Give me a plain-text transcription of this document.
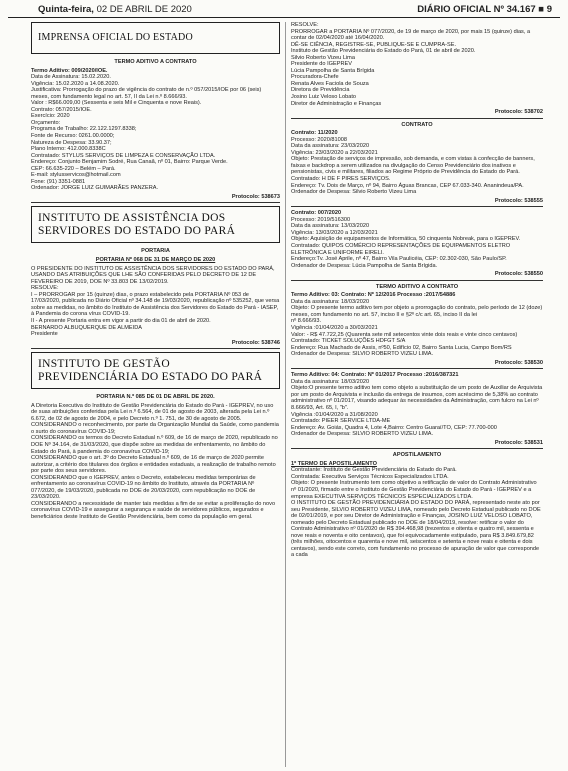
Quinta-feira, 02 DE ABRIL DE 2020	DIÁRIO OFICIAL Nº 34.167 ■ 9
IMPRENSA OFICIAL DO ESTADO
TERMO ADITIVO A CONTRATO
Termo Aditivo: 009/2020/IOE.
Data de Assinatura: 15.02.2020.
Vigência: 15.02.2020 a 14.08.2020.
Justificativa: Prorrogação do prazo de vigência do contrato de n.º 057/2015/IOE por 06 (seis) meses, com fundamento legal no art. 57, II da Lei n.º 8.666/93.
Valor : R$66.009,00 (Sessenta e seis Mil e Cinquenta e nove Reais).
Contrato: 057/2015/IOE.
Exercício: 2020
Orçamento:
Programa de Trabalho: 22.122.1297.8338;
Fonte de Recurso: 0261.00.0000;
Natureza de Despesa: 33.90.37;
Plano Interno: 412.000.8338C
Contratado: STYLUS SERVIÇOS DE LIMPEZA E CONSERVAÇÃO LTDA.
Endereço: Conjunto Benjamim Sodré, Rua Canaã, nº 01, Bairro: Parque Verde.
CEP: 66.635-220 – Belém – Pará.
E-mail: stylusservicos@hotmail.com
Fone: (91) 3351-0881
Ordenador: JORGE LUIZ GUIMARÃES PANZERA.
Protocolo: 538673
INSTITUTO DE ASSISTÊNCIA DOS SERVIDORES DO ESTADO DO PARÁ
PORTARIA
PORTARIA Nº 068 DE 31 DE MARÇO DE 2020
O PRESIDENTE DO INSTITUTO DE ASSISTÊNCIA DOS SERVIDORES DO ESTADO DO PARÁ, USANDO DAS ATRIBUIÇÕES QUE LHE SÃO CONFERIDAS PELO DECRETO DE 12 DE FEVEREIRO DE 2019, DOE Nº 33.803 DE 13/02/2019.
RESOLVE:
I – PRORROGAR por 15 (quinze) dias, o prazo estabelecido pela PORTARIA Nº 053 de 17/03/2020, publicada no Diário Oficial nº 34.148 de 19/03/2020, republicação nº 535252, que versa sobre as medidas, no âmbito do Instituto de Assistência dos Servidores do Estado do Pará - IASEP, à Pandemia do corona vírus COVID-19.
II - A presente Portaria entra em vigor a partir do dia 01 de abril de 2020.
BERNARDO ALBUQUERQUE DE ALMEIDA
Presidente
Protocolo: 538746
INSTITUTO DE GESTÃO PREVIDENCIÁRIA DO ESTADO DO PARÁ
PORTARIA N.º 085 DE 01 DE ABRIL DE 2020.
A Diretoria Executiva do Instituto de Gestão Previdenciária do Estado do Pará - IGEPREV, no uso de suas atribuições conferidas pela Lei n.º 6.564, de 01 de agosto de 2003, alterada pela Lei n.º 6.672, de 02 de agosto de 2004, e pelo Decreto n.º 1. 751, de 30 de agosto de 2005.
CONSIDERANDO o reconhecimento, por parte da Organização Mundial da Saúde, como pandemia o surto do coronavírus COVID-19;
CONSIDERANDO os termos do Decreto Estadual n.º 609, de 16 de março de 2020, republicado no DOE Nº 34.164, de 31/03/2020, que dispõe sobre as medidas de enfrentamento, no âmbito do Estado do Pará, à pandemia do coronavírus COVID-19;
CONSIDERANDO que o art. 3º do Decreto Estadual n.º 609, de 16 de março de 2020 permite autorizar, a critério dos titulares dos órgãos e entidades estaduais, a realização de trabalho remoto por parte dos seus servidores.
CONSIDERANDO que o IGEPREV, antes o Decreto, estabeleceu medidas temporárias de enfrentamento ao coronavírus COVID-19 no âmbito do Instituto, através da PORTARIA Nº 077/2020, de 19/03/2020, publicada no DOE de 20/03/2020, com republicação no DOE de 23/03/2020.
CONSIDERANDO a necessidade de manter tais medidas a fim de se evitar a proliferação do novo coronavírus COVID-19 e assegurar a segurança e saúde de servidores públicos, segurados e beneficiários deste Instituto de Gestão Previdenciária, bem como da população em geral.
RESOLVE:
PRORROGAR a PORTARIA Nº 077/2020, de 19 de março de 2020, por mais 15 (quinze) dias, a contar de 02/04/2020 até 16/04/2020.
DÊ-SE CIÊNCIA, REGISTRE-SE, PUBLIQUE-SE E CUMPRA-SE.
Instituto de Gestão Previdenciária do Estado do Pará, 01 de abril de 2020.
Silvio Roberto Vizeu Lima
Presidente do IGEPREV
Lúcia Pampolha de Santa Brígida
Procuradora-Chefe
Renata Alves Faciola de Souza
Diretora de Previdência
Josino Luiz Veloso Lobato
Diretor de Administração e Finanças
Protocolo: 538702
CONTRATO
Contrato: 11/2020
Processo: 2020/81008
Data da assinatura: 23/03/2020
Vigência: 23/03/2020 a 22/03/2021
Objeto: Prestação de serviços de impressão, sob demanda, e com vistas à confecção de banners, faixas e backdrop a serem utilizados na divulgação do Censo Previdenciário dos inativos e pensionistas, civis e militares, filiados ao Regime Próprio de Previdência do Estado do Pará.
Contratado: H DE F PIRES SERVIÇOS.
Endereço: Tv. Dois de Março, nº 94, Bairro Águas Brancas, CEP 67.033-340. Ananindeua/PA.
Ordenador de Despesa: Silvio Roberto Vizeu Lima
Protocolo: 538555
Contrato: 007/2020
Processo: 2019/516300
Data da assinatura: 13/03/2020
Vigência: 13/03/2020 a 12/03/2021
Objeto: Aquisição de equipamentos de Informática, 50 cinquenta Nobreak, para o IGEPREV.
Contratado: QUIPOS COMÉRCIO REPRESENTAÇÕES DE EQUIPAMENTOS ELETRO ELETRÔNICA E UNIFORME EIRELI.
Endereço:Tv. José Aprile, nº 47, Bairro Vila Paulicéia, CEP: 02.302-030, São Paulo/SP.
Ordenador de Despesa: Lúcia Pampolha de Santa Brígida.
Protocolo: 538550
TERMO ADITIVO A CONTRATO
Termo Aditivo: 03: Contrato: Nº 12/2016 Processo :2017/54886
Data da assinatura: 18/03/2020
Objeto: O presente termo aditivo tem por objeto a prorrogação do contrato, pelo período de 12 (doze) meses, com fundamento no art. 57, inciso II e §2º c/c art. 65, inciso II da lei
nº 8.666/93.
Vigência :01/04/2020 a 30/03/2021
Valor: - R$ 47.722,25 (Quarenta sete mil setecentos vinte dois reais e vinte cinco centavos)
Contratado: TICKET SOLUÇÕES HDFGT S/A
Endereço: Rua Machado de Assis, nº50, Edifício 02, Bairro Santa Lucia, Campo Bom/RS
Ordenador de Despesa: SILVIO ROBERTO VIZEU LIMA.
Protocolo: 538530
Termo Aditivo: 04: Contrato: Nº 01/2017 Processo :2016/387321
Data da assinatura: 18/03/2020
Objeto:O presente termo aditivo tem como objeto a substituição de um posto de Auxiliar de Arquivista por um posto de Arquivista e inclusão da entrega de insumos, com acréscimo de 5,38% ao contrato administrativo nº 01/2017, visando adequar às necessidades da Administração, com fulcro na Lei nº 8.666/93, Art. 65, I, "b".
Vigência :01/04/2020 a 31/08/2020
Contratado: PIEER SERVICE LTDA-ME
Endereço: Av. Goiás, Quadra 4, Lote 4,Bairro: Centro Guaraí/TO, CEP: 77.700-000
Ordenador de Despesa: SILVIO ROBERTO VIZEU LIMA.
Protocolo: 538531
APOSTILAMENTO
1º TERMO DE APOSTILAMENTO
Contratante: Instituto de Gestão Previdenciária do Estado do Pará.
Contratada: Executiva Serviços Técnicos Especializados LTDA.
Objeto: O presente Instrumento tem como objetivo a retificação de valor do Contrato Administrativo nº 01/2020, firmado entre o Instituto de Gestão Previdenciária do Estado do Pará - IGEPREV e a empresa EXECUTIVA SERVIÇOS TÉCNICOS ESPECIALIZADOS LTDA.
O INSTITUTO DE GESTÃO PREVIDENCIÁRIA DO ESTADO DO PARÁ, representado neste ato por seu Presidente, SILVIO ROBERTO VIZEU LIMA, nomeado pelo Decreto Estadual publicado no DOE de 02/01/2019, e por seu Diretor de Administração e Finanças, JOSINO LUIZ VELOSO LOBATO, nomeado pelo Decreto Estadual publicado no DOE de 18/04/2019, resolve: retificar o valor do Contrato Administrativo nº 01/2020 de R$ 394.468,98 (trezentos e oitenta e quatro mil, sessenta e nove reais e noventa e oito centavos), que foi equivocadamente estipulado, para R$ 3.849.679,82 (três milhões, oitocentos e quarenta e nove mil, seiscentos e setenta e nove reais e oitenta e dois centavos), sendo este correto, com fundamento no processo de apuração de valor que corresponde a cada
